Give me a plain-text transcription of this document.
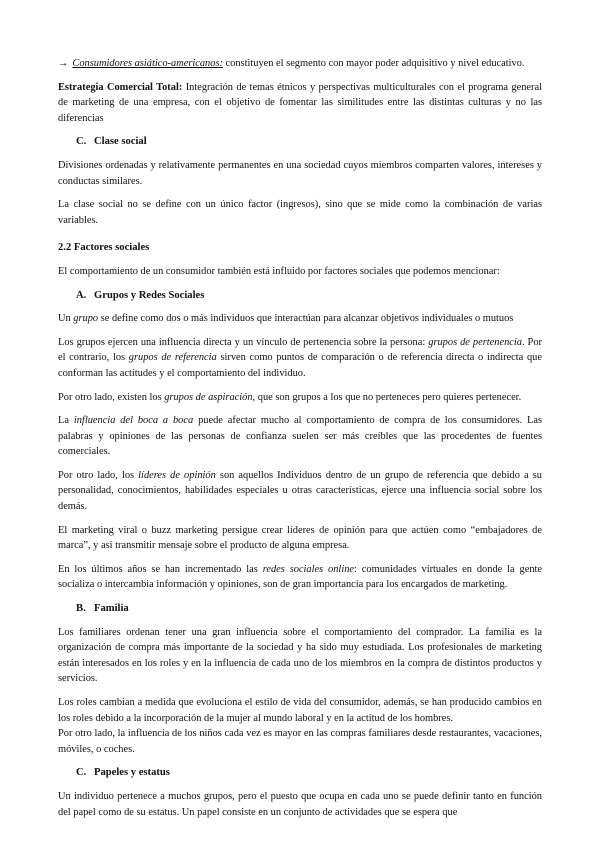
→ Consumidores asiático-americanos: constituyen el segmento con mayor poder adquisitivo y nivel educativo.

Estrategia Comercial Total: Integración de temas étnicos y perspectivas multiculturales con el programa general de marketing de una empresa, con el objetivo de fomentar las similitudes entre las distintas culturas y no las diferencias

C. Clase social

Divisiones ordenadas y relativamente permanentes en una sociedad cuyos miembros comparten valores, intereses y conductas similares.

La clase social no se define con un único factor (ingresos), sino que se mide como la combinación de varias variables.

2.2 Factores sociales

El comportamiento de un consumidor también está influido por factores sociales que podemos mencionar:

A. Grupos y Redes Sociales

Un grupo se define como dos o más individuos que interactúan para alcanzar objetivos individuales o mutuos

Los grupos ejercen una influencia directa y un vínculo de pertenencia sobre la persona: grupos de pertenencia. Por el contrario, los grupos de referencia sirven como puntos de comparación o de referencia directa o indirecta que conforman las actitudes y el comportamiento del individuo.

Por otro lado, existen los grupos de aspiración, que son grupos a los que no perteneces pero quieres pertenecer.

La influencia del boca a boca puede afectar mucho al comportamiento de compra de los consumidores. Las palabras y opiniones de las personas de confianza suelen ser más creíbles que las procedentes de fuentes comerciales.

Por otro lado, los líderes de opinión son aquellos Individuos dentro de un grupo de referencia que debido a su personalidad, conocimientos, habilidades especiales u otras características, ejerce una influencia social sobre los demás.

El marketing viral o buzz marketing persigue crear líderes de opinión para que actúen como “embajadores de marca”, y así transmitir mensaje sobre el producto de alguna empresa.

En los últimos años se han incrementado las redes sociales online: comunidades virtuales en donde la gente socializa o intercambia información y opiniones, son de gran importancia para los encargados de marketing.

B. Familia

Los familiares ordenan tener una gran influencia sobre el comportamiento del comprador. La familia es la organización de compra más importante de la sociedad y ha sido muy estudiada. Los profesionales de marketing están interesados en los roles y en la influencia de cada uno de los miembros en la compra de distintos productos y servicios.

Los roles cambian a medida que evoluciona el estilo de vida del consumidor, además, se han producido cambios en los roles debido a la incorporación de la mujer al mundo laboral y en la actitud de los hombres.

Por otro lado, la influencia de los niños cada vez es mayor en las compras familiares desde restaurantes, vacaciones, móviles, o coches.

C. Papeles y estatus

Un individuo pertenece a muchos grupos, pero el puesto que ocupa en cada uno se puede definir tanto en función del papel como de su estatus. Un papel consiste en un conjunto de actividades que se espera que
